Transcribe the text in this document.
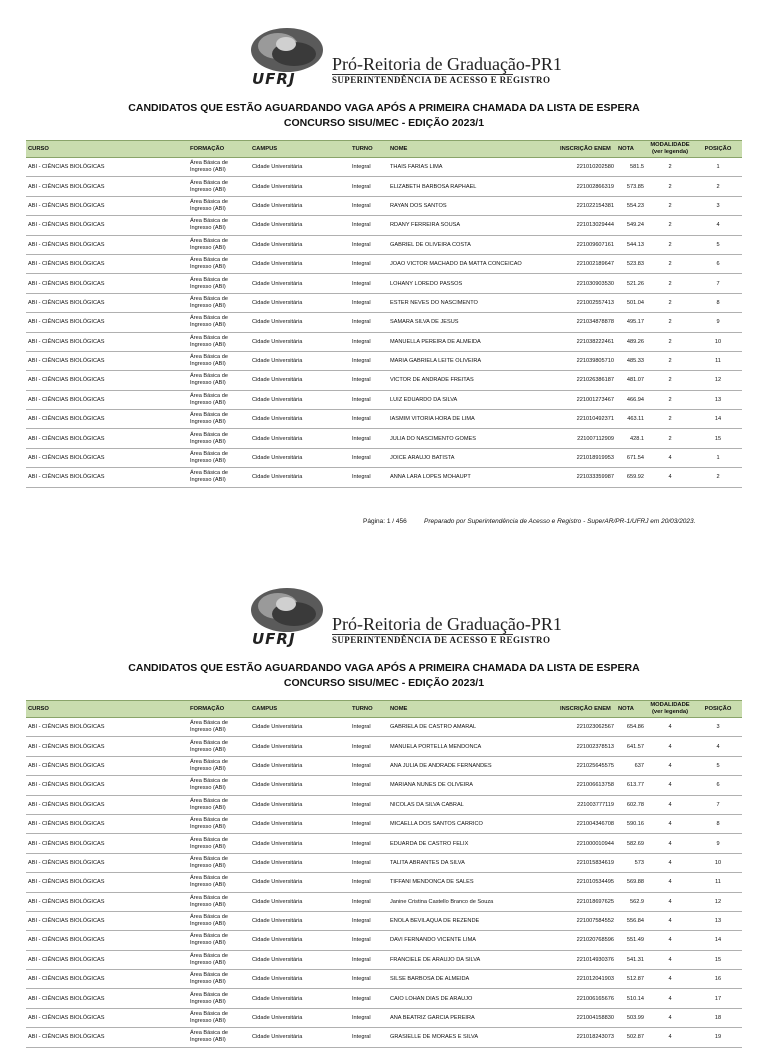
UFRJ
Pró-Reitoria de Graduação-PR1
SUPERINTENDÊNCIA DE ACESSO E REGISTRO
CANDIDATOS QUE ESTÃO AGUARDANDO VAGA APÓS A PRIMEIRA CHAMADA DA LISTA DE ESPERA
CONCURSO SISU/MEC - EDIÇÃO 2023/1
CURSO	FORMAÇÃO	CAMPUS	TURNO	NOME	INSCRIÇÃO ENEM	NOTA	MODALIDADE
(ver legenda)	POSIÇÃO
ABI - CIÊNCIAS BIOLÓGICAS	Área Básica de
Ingresso (ABI)	Cidade Universitária	Integral	THAIS FARIAS LIMA	221010202580	581.5	2	1
ABI - CIÊNCIAS BIOLÓGICAS	Área Básica de
Ingresso (ABI)	Cidade Universitária	Integral	ELIZABETH BARBOSA RAPHAEL	221002866319	573.85	2	2
ABI - CIÊNCIAS BIOLÓGICAS	Área Básica de
Ingresso (ABI)	Cidade Universitária	Integral	RAYAN DOS SANTOS	221022154381	554.23	2	3
ABI - CIÊNCIAS BIOLÓGICAS	Área Básica de
Ingresso (ABI)	Cidade Universitária	Integral	RDANY FERREIRA SOUSA	221013029444	549.24	2	4
ABI - CIÊNCIAS BIOLÓGICAS	Área Básica de
Ingresso (ABI)	Cidade Universitária	Integral	GABRIEL DE OLIVEIRA COSTA	221009607161	544.13	2	5
ABI - CIÊNCIAS BIOLÓGICAS	Área Básica de
Ingresso (ABI)	Cidade Universitária	Integral	JOAO VICTOR MACHADO DA MATTA CONCEICAO	221002189647	523.83	2	6
ABI - CIÊNCIAS BIOLÓGICAS	Área Básica de
Ingresso (ABI)	Cidade Universitária	Integral	LOHANY LOREDO PASSOS	221030903530	521.26	2	7
ABI - CIÊNCIAS BIOLÓGICAS	Área Básica de
Ingresso (ABI)	Cidade Universitária	Integral	ESTER NEVES DO NASCIMENTO	221002557413	501.04	2	8
ABI - CIÊNCIAS BIOLÓGICAS	Área Básica de
Ingresso (ABI)	Cidade Universitária	Integral	SAMARA SILVA DE JESUS	221034878878	495.17	2	9
ABI - CIÊNCIAS BIOLÓGICAS	Área Básica de
Ingresso (ABI)	Cidade Universitária	Integral	MANUELLA PEREIRA DE ALMEIDA	221038222461	489.26	2	10
ABI - CIÊNCIAS BIOLÓGICAS	Área Básica de
Ingresso (ABI)	Cidade Universitária	Integral	MARIA GABRIELA LEITE OLIVEIRA	221039805710	485.33	2	11
ABI - CIÊNCIAS BIOLÓGICAS	Área Básica de
Ingresso (ABI)	Cidade Universitária	Integral	VICTOR DE ANDRADE FREITAS	221026386187	481.07	2	12
ABI - CIÊNCIAS BIOLÓGICAS	Área Básica de
Ingresso (ABI)	Cidade Universitária	Integral	LUIZ EDUARDO DA SILVA	221001273467	466.94	2	13
ABI - CIÊNCIAS BIOLÓGICAS	Área Básica de
Ingresso (ABI)	Cidade Universitária	Integral	IASMIM VITORIA HORA DE LIMA	221010492371	463.11	2	14
ABI - CIÊNCIAS BIOLÓGICAS	Área Básica de
Ingresso (ABI)	Cidade Universitária	Integral	JULIA DO NASCIMENTO GOMES	221007112909	428.1	2	15
ABI - CIÊNCIAS BIOLÓGICAS	Área Básica de
Ingresso (ABI)	Cidade Universitária	Integral	JOICE ARAUJO BATISTA	221018919953	671.54	4	1
ABI - CIÊNCIAS BIOLÓGICAS	Área Básica de
Ingresso (ABI)	Cidade Universitária	Integral	ANNA LARA LOPES MOHAUPT	221033359987	659.92	4	2
Página: 1 / 456	Preparado por Superintendência de Acesso e Registro - SuperAR/PR-1/UFRJ em 20/03/2023.
UFRJ
Pró-Reitoria de Graduação-PR1
SUPERINTENDÊNCIA DE ACESSO E REGISTRO
CANDIDATOS QUE ESTÃO AGUARDANDO VAGA APÓS A PRIMEIRA CHAMADA DA LISTA DE ESPERA
CONCURSO SISU/MEC - EDIÇÃO 2023/1
CURSO	FORMAÇÃO	CAMPUS	TURNO	NOME	INSCRIÇÃO ENEM	NOTA	MODALIDADE
(ver legenda)	POSIÇÃO
ABI - CIÊNCIAS BIOLÓGICAS	Área Básica de
Ingresso (ABI)	Cidade Universitária	Integral	GABRIELA DE CASTRO AMARAL	221023062567	654.86	4	3
ABI - CIÊNCIAS BIOLÓGICAS	Área Básica de
Ingresso (ABI)	Cidade Universitária	Integral	MANUELA PORTELLA MENDONCA	221002378513	641.57	4	4
ABI - CIÊNCIAS BIOLÓGICAS	Área Básica de
Ingresso (ABI)	Cidade Universitária	Integral	ANA JULIA DE ANDRADE FERNANDES	221025645575	637	4	5
ABI - CIÊNCIAS BIOLÓGICAS	Área Básica de
Ingresso (ABI)	Cidade Universitária	Integral	MARIANA NUNES DE OLIVEIRA	221006613758	613.77	4	6
ABI - CIÊNCIAS BIOLÓGICAS	Área Básica de
Ingresso (ABI)	Cidade Universitária	Integral	NICOLAS DA SILVA CABRAL	221003777119	602.78	4	7
ABI - CIÊNCIAS BIOLÓGICAS	Área Básica de
Ingresso (ABI)	Cidade Universitária	Integral	MICAELLA DOS SANTOS CARRICO	221004346708	590.16	4	8
ABI - CIÊNCIAS BIOLÓGICAS	Área Básica de
Ingresso (ABI)	Cidade Universitária	Integral	EDUARDA DE CASTRO FELIX	221000010944	582.69	4	9
ABI - CIÊNCIAS BIOLÓGICAS	Área Básica de
Ingresso (ABI)	Cidade Universitária	Integral	TALITA ABRANTES DA SILVA	221015834619	573	4	10
ABI - CIÊNCIAS BIOLÓGICAS	Área Básica de
Ingresso (ABI)	Cidade Universitária	Integral	TIFFANI MENDONCA DE SALES	221010534495	569.88	4	11
ABI - CIÊNCIAS BIOLÓGICAS	Área Básica de
Ingresso (ABI)	Cidade Universitária	Integral	Janine Cristina Castello Branco de Souza	221018697625	562.9	4	12
ABI - CIÊNCIAS BIOLÓGICAS	Área Básica de
Ingresso (ABI)	Cidade Universitária	Integral	ENOLA BEVILAQUA DE REZENDE	221007584552	556.84	4	13
ABI - CIÊNCIAS BIOLÓGICAS	Área Básica de
Ingresso (ABI)	Cidade Universitária	Integral	DAVI FERNANDO VICENTE LIMA	221020768596	551.49	4	14
ABI - CIÊNCIAS BIOLÓGICAS	Área Básica de
Ingresso (ABI)	Cidade Universitária	Integral	FRANCIELE DE ARAUJO DA SILVA	221014930376	541.31	4	15
ABI - CIÊNCIAS BIOLÓGICAS	Área Básica de
Ingresso (ABI)	Cidade Universitária	Integral	SILSE BARBOSA DE ALMEIDA	221012041903	512.87	4	16
ABI - CIÊNCIAS BIOLÓGICAS	Área Básica de
Ingresso (ABI)	Cidade Universitária	Integral	CAIO LOHAN DIAS DE ARAUJO	221006165676	510.14	4	17
ABI - CIÊNCIAS BIOLÓGICAS	Área Básica de
Ingresso (ABI)	Cidade Universitária	Integral	ANA BEATRIZ GARCIA PEREIRA	221004158830	503.99	4	18
ABI - CIÊNCIAS BIOLÓGICAS	Área Básica de
Ingresso (ABI)	Cidade Universitária	Integral	GRASIELLE DE MORAES E SILVA	221018243073	502.87	4	19
